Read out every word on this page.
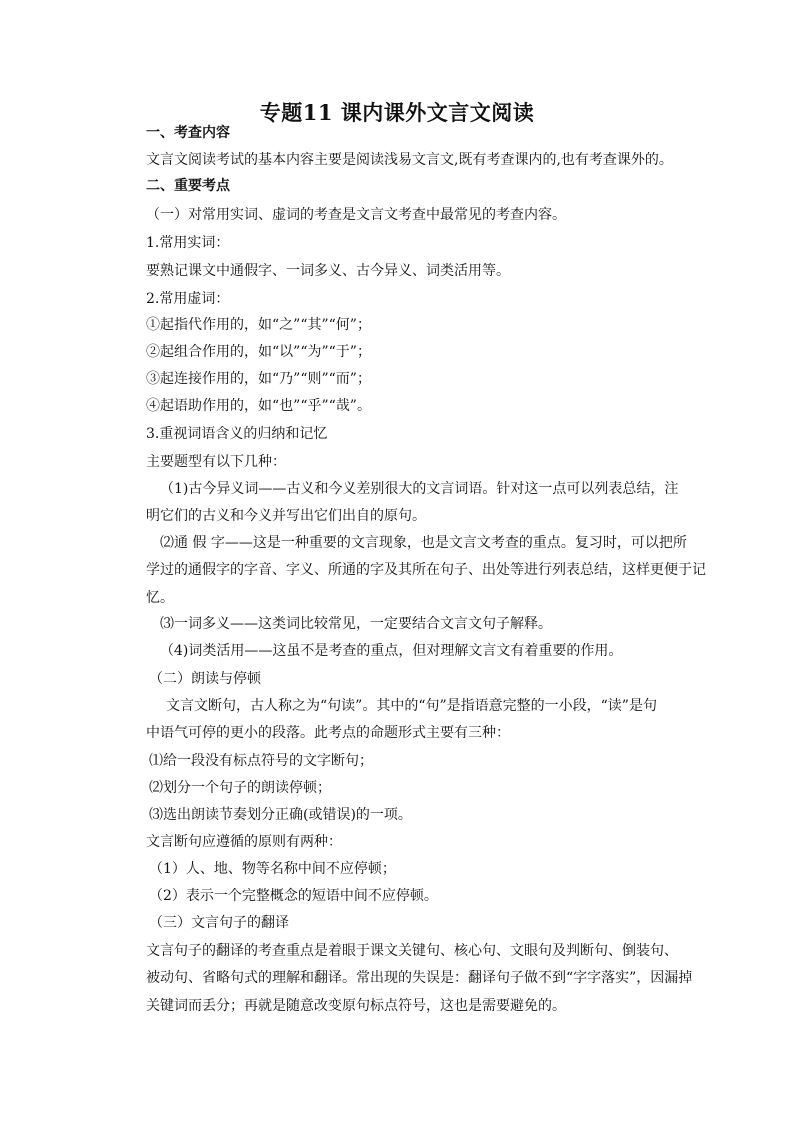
专题11 课内课外文言文阅读
一、考查内容
文言文阅读考试的基本内容主要是阅读浅易文言文,既有考查课内的,也有考查课外的。
二、重要考点
（一）对常用实词、虚词的考查是文言文考查中最常见的考查内容。
1.常用实词：
要熟记课文中通假字、一词多义、古今异义、词类活用等。
2.常用虚词：
①起指代作用的，如“之”“其”“何”；
②起组合作用的，如“以”“为”“于”；
③起连接作用的，如“乃”“则”“而”；
④起语助作用的，如“也”“乎”“哉”。
3.重视词语含义的归纳和记忆
主要题型有以下几种：
（1)古今异义词——古义和今义差别很大的文言词语。针对这一点可以列表总结，注
明它们的古义和今义并写出它们出自的原句。
⑵通 假 字——这是一种重要的文言现象，也是文言文考查的重点。复习时，可以把所
学过的通假字的字音、字义、所通的字及其所在句子、出处等进行列表总结，这样更便于记
忆。
⑶一词多义——这类词比较常见，一定要结合文言文句子解释。
（4)词类活用——这虽不是考查的重点，但对理解文言文有着重要的作用。
（二）朗读与停顿
文言文断句，古人称之为“句读”。其中的“句”是指语意完整的一小段，“读”是句
中语气可停的更小的段落。此考点的命题形式主要有三种：
⑴给一段没有标点符号的文字断句；
⑵划分一个句子的朗读停顿；
⑶选出朗读节奏划分正确(或错误)的一项。
文言断句应遵循的原则有两种：
（1）人、地、物等名称中间不应停顿；
（2）表示一个完整概念的短语中间不应停顿。
（三）文言句子的翻译
文言句子的翻译的考查重点是着眼于课文关键句、核心句、文眼句及判断句、倒装句、
被动句、省略句式的理解和翻译。常出现的失误是：翻译句子做不到“字字落实”，因漏掉
关键词而丢分；再就是随意改变原句标点符号，这也是需要避免的。
